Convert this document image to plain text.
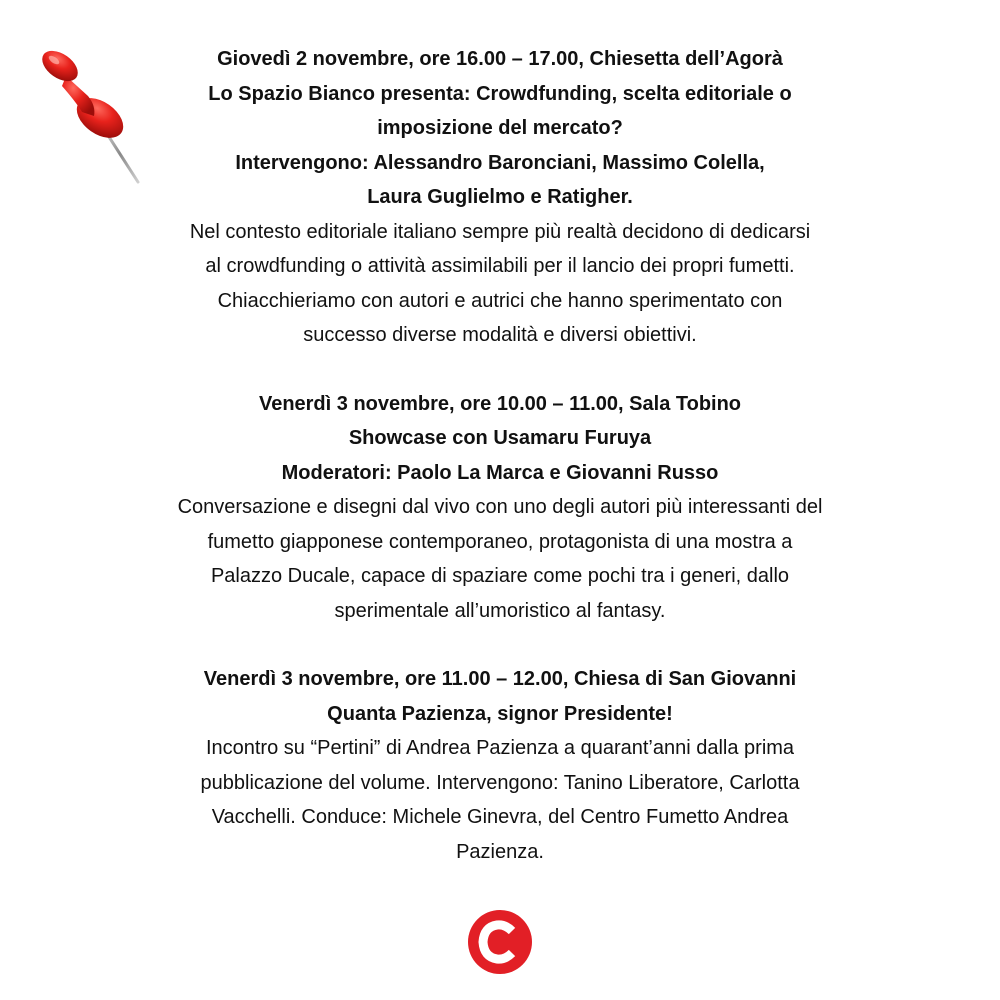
Giovedì 2 novembre, ore 16.00 – 17.00, Chiesetta dell’Agorà

Lo Spazio Bianco presenta: Crowdfunding, scelta editoriale o

imposizione del mercato?

Intervengono: Alessandro Baronciani, Massimo Colella,

Laura Guglielmo e Ratigher.

Nel contesto editoriale italiano sempre più realtà decidono di dedicarsi

al crowdfunding o attività assimilabili per il lancio dei propri fumetti.

Chiacchieriamo con autori e autrici che hanno sperimentato con

successo diverse modalità e diversi obiettivi.

Venerdì 3 novembre, ore 10.00 – 11.00, Sala Tobino

Showcase con Usamaru Furuya

Moderatori: Paolo La Marca e Giovanni Russo

Conversazione e disegni dal vivo con uno degli autori più interessanti del

fumetto giapponese contemporaneo, protagonista di una mostra a

Palazzo Ducale, capace di spaziare come pochi tra i generi, dallo

sperimentale all’umoristico al fantasy.

Venerdì 3 novembre, ore 11.00 – 12.00, Chiesa di San Giovanni

Quanta Pazienza, signor Presidente!

Incontro su “Pertini” di Andrea Pazienza a quarant’anni dalla prima

pubblicazione del volume. Intervengono: Tanino Liberatore, Carlotta

Vacchelli. Conduce: Michele Ginevra, del Centro Fumetto Andrea

Pazienza.
